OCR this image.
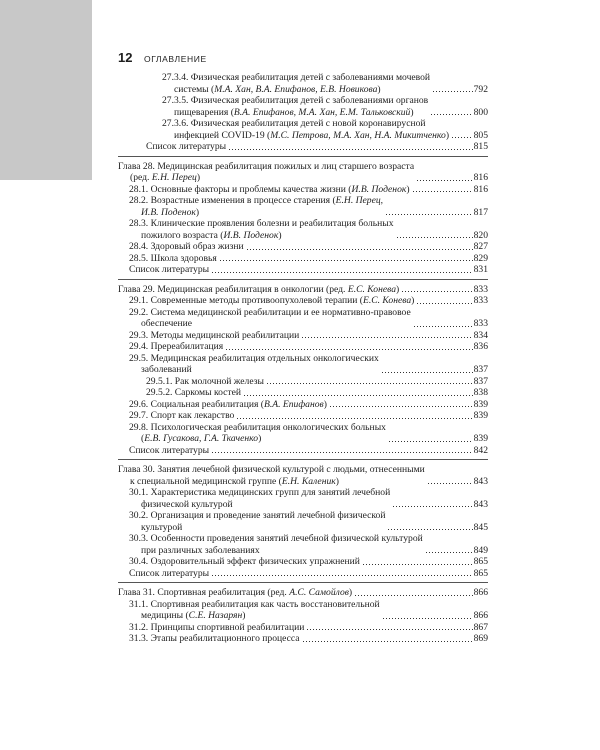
12	ОГЛАВЛЕНИЕ
27.3.4. Физическая реабилитация детей с заболеваниями мочевой
системы (М.А. Хан, В.А. Епифанов, Е.В. Новикова)	792
27.3.5. Физическая реабилитация детей с заболеваниями органов
пищеварения (В.А. Епифанов, М.А. Хан, Е.М. Тальковский)	800
27.3.6. Физическая реабилитация детей с новой коронавирусной
инфекцией COVID-19 (М.С. Петрова, М.А. Хан, Н.А. Микитченко)	805
Список литературы	815
Глава 28. Медицинская реабилитация пожилых и лиц старшего возраста
(ред. Е.Н. Перец)	816
28.1. Основные факторы и проблемы качества жизни (И.В. Поденок)	816
28.2. Возрастные изменения в процессе старения (Е.Н. Перец,
И.В. Поденок)	817
28.3. Клинические проявления болезни и реабилитация больных
пожилого возраста (И.В. Поденок)	820
28.4. Здоровый образ жизни	827
28.5. Школа здоровья	829
Список литературы	831
Глава 29. Медицинская реабилитация в онкологии (ред. Е.С. Конева)	833
29.1. Современные методы противоопухолевой терапии (Е.С. Конева)	833
29.2. Система медицинской реабилитации и ее нормативно-правовое
обеспечение	833
29.3. Методы медицинской реабилитации	834
29.4. Пререабилитация	836
29.5. Медицинская реабилитация отдельных онкологических
заболеваний	837
29.5.1. Рак молочной железы	837
29.5.2. Саркомы костей	838
29.6. Социальная реабилитация (В.А. Епифанов)	839
29.7. Спорт как лекарство	839
29.8. Психологическая реабилитация онкологических больных
(Е.В. Гусакова, Г.А. Ткаченко)	839
Список литературы	842
Глава 30. Занятия лечебной физической культурой с людьми, отнесенными
к специальной медицинской группе (Е.Н. Каленик)	843
30.1. Характеристика медицинских групп для занятий лечебной
физической культурой	843
30.2. Организация и проведение занятий лечебной физической
культурой	845
30.3. Особенности проведения занятий лечебной физической культурой
при различных заболеваниях	849
30.4. Оздоровительный эффект физических упражнений	865
Список литературы	865
Глава 31. Спортивная реабилитация (ред. А.С. Самойлов)	866
31.1. Спортивная реабилитация как часть восстановительной
медицины (С.Е. Назарян)	866
31.2. Принципы спортивной реабилитации	867
31.3. Этапы реабилитационного процесса	869
